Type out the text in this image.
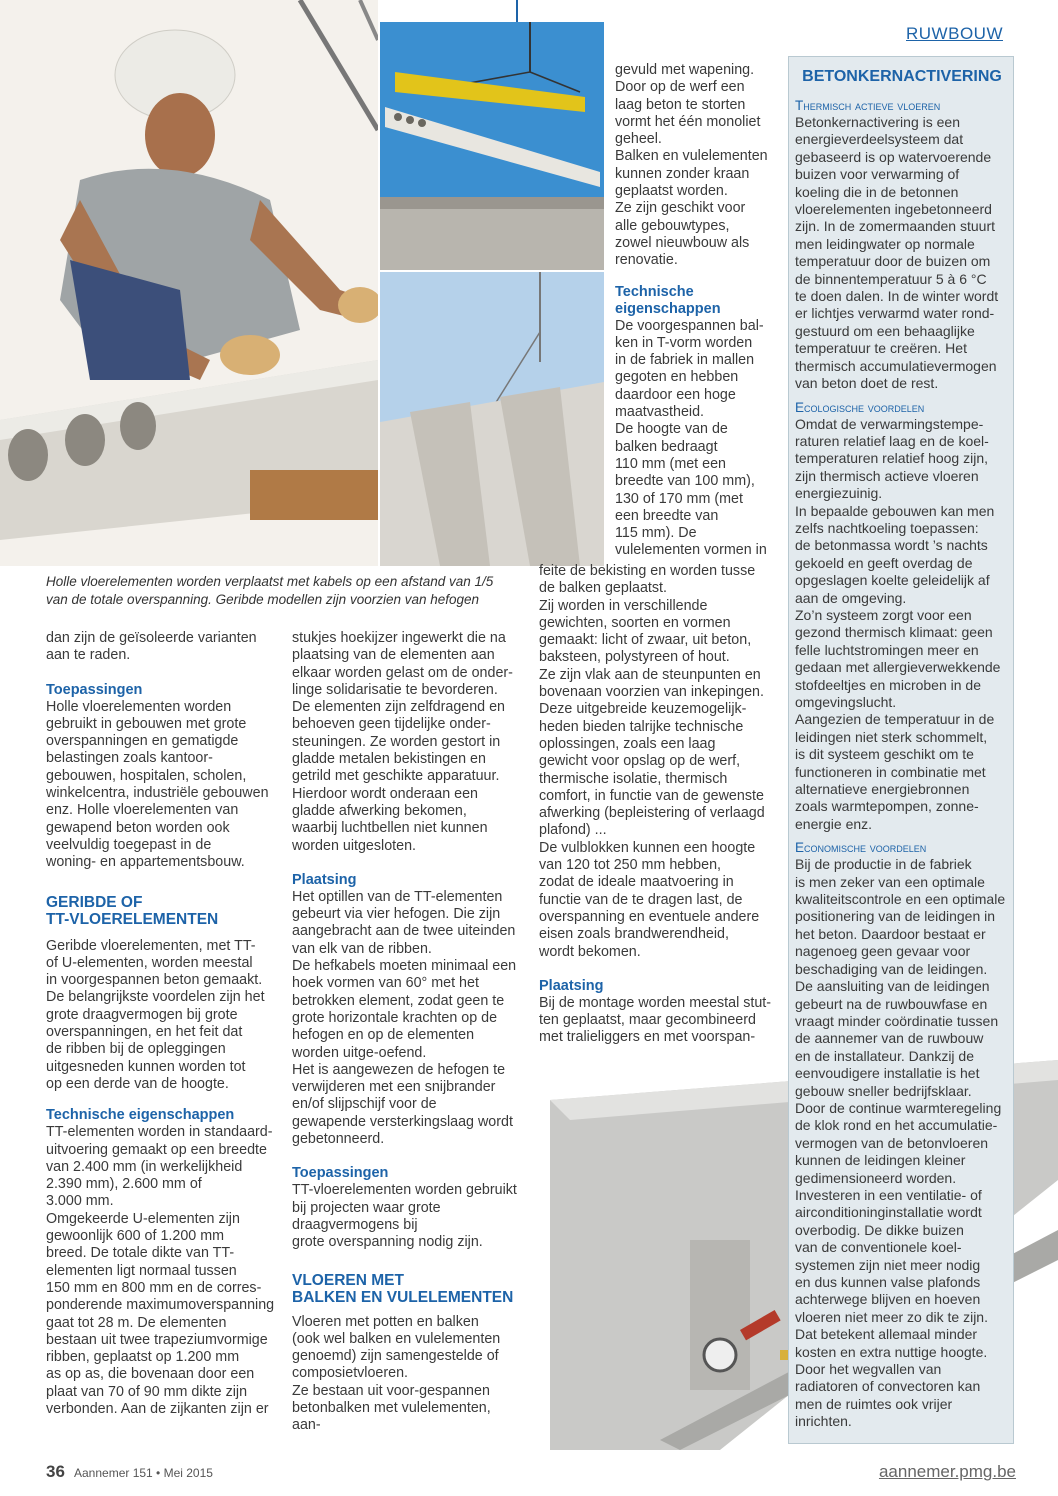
RUWBOUW
Holle vloerelementen worden verplaatst met kabels op een afstand van 1/5
van de totale overspanning. Geribde modellen zijn voorzien van hefogen

dan zijn de geïsoleerde varianten
aan te raden.

Toepassingen

Holle vloerelementen worden
gebruikt in gebouwen met grote
overspanningen en gematigde
belastingen zoals kantoor-
gebouwen, hospitalen, scholen,
winkelcentra, industriële gebouwen
enz. Holle vloerelementen van
gewapend beton worden ook
veelvuldig toegepast in de
woning- en appartementsbouw.

GERIBDE OF
TT-VLOERELEMENTEN

Geribde vloerelementen, met TT-
of U-elementen, worden meestal
in voorgespannen beton gemaakt.
De belangrijkste voordelen zijn het
grote draagvermogen bij grote
overspanningen, en het feit dat
de ribben bij de opleggingen
uitgesneden kunnen worden tot
op een derde van de hoogte.

Technische eigenschappen

TT-elementen worden in standaard-
uitvoering gemaakt op een breedte
van 2.400 mm (in werkelijkheid
2.390 mm), 2.600 mm of
3.000 mm.
Omgekeerde U-elementen zijn
gewoonlijk 600 of 1.200 mm
breed. De totale dikte van TT-
elementen ligt normaal tussen
150 mm en 800 mm en de corres-
ponderende maximumoverspanning
gaat tot 28 m. De elementen
bestaan uit twee trapeziumvormige
ribben, geplaatst op 1.200 mm
as op as, die bovenaan door een
plaat van 70 of 90 mm dikte zijn
verbonden. Aan de zijkanten zijn er

stukjes hoekijzer ingewerkt die na
plaatsing van de elementen aan
elkaar worden gelast om de onder-
linge solidarisatie te bevorderen.
De elementen zijn zelfdragend en
behoeven geen tijdelijke onder-
steuningen. Ze worden gestort in
gladde metalen bekistingen en
getrild met geschikte apparatuur.
Hierdoor wordt onderaan een
gladde afwerking bekomen,
waarbij luchtbellen niet kunnen
worden uitgesloten.

Plaatsing

Het optillen van de TT-elementen
gebeurt via vier hefogen. Die zijn
aangebracht aan de twee uiteinden
van elk van de ribben.
De hefkabels moeten minimaal een
hoek vormen van 60° met het
betrokken element, zodat geen te
grote horizontale krachten op de
hefogen en op de elementen
worden uitge-oefend.
Het is aangewezen de hefogen te
verwijderen met een snijbrander
en/of slijpschijf voor de
gewapende versterkingslaag wordt
gebetonneerd.

Toepassingen

TT-vloerelementen worden gebruikt
bij projecten waar grote
draagvermogens bij
grote overspanning nodig zijn.

VLOEREN MET
BALKEN EN VULELEMENTEN

Vloeren met potten en balken
(ook wel balken en vulelementen
genoemd) zijn samengestelde of
composietvloeren.
Ze bestaan uit voor-gespannen
betonbalken met vulelementen, aan-

gevuld met wapening.
Door op de werf een
laag beton te storten
vormt het één monoliet
geheel.
Balken en vulelementen
kunnen zonder kraan
geplaatst worden.
Ze zijn geschikt voor
alle gebouwtypes,
zowel nieuwbouw als
renovatie.

Technische
eigenschappen

De voorgespannen bal-
ken in T-vorm worden
in de fabriek in mallen
gegoten en hebben
daardoor een hoge
maatvastheid.
De hoogte van de
balken bedraagt
110 mm (met een
breedte van 100 mm),
130 of 170 mm (met
een breedte van
115 mm). De
vulelementen vormen in

feite de bekisting en worden tusse
de balken geplaatst.
Zij worden in verschillende
gewichten, soorten en vormen
gemaakt: licht of zwaar, uit beton,
baksteen, polystyreen of hout.
Ze zijn vlak aan de steunpunten en
bovenaan voorzien van inkepingen.
Deze uitgebreide keuzemogelijk-
heden bieden talrijke technische
oplossingen, zoals een laag
gewicht voor opslag op de werf,
thermische isolatie, thermisch
comfort, in functie van de gewenste
afwerking (bepleistering of verlaagd
plafond) ...
De vulblokken kunnen een hoogte
van 120 tot 250 mm hebben,
zodat de ideale maatvoering in
functie van de te dragen last, de
overspanning en eventuele andere
eisen zoals brandwerendheid,
wordt bekomen.

Plaatsing

Bij de montage worden meestal stut-
ten geplaatst, maar gecombineerd
met tralieliggers en met voorspan-

BETONKERNACTIVERING

Thermisch actieve vloeren

Betonkernactivering is een
energieverdeelsysteem dat
gebaseerd is op watervoerende
buizen voor verwarming of
koeling die in de betonnen
vloerelementen ingebetonneerd
zijn. In de zomermaanden stuurt
men leidingwater op normale
temperatuur door de buizen om
de binnentemperatuur 5 à 6 °C
te doen dalen. In de winter wordt
er lichtjes verwarmd water rond-
gestuurd om een behaaglijke
temperatuur te creëren. Het
thermisch accumulatievermogen
van beton doet de rest.

Ecologische voordelen

Omdat de verwarmingstempe-
raturen relatief laag en de koel-
temperaturen relatief hoog zijn,
zijn thermisch actieve vloeren
energiezuinig.
In bepaalde gebouwen kan men
zelfs nachtkoeling toepassen:
de betonmassa wordt ’s nachts
gekoeld en geeft overdag de
opgeslagen koelte geleidelijk af
aan de omgeving.
Zo’n systeem zorgt voor een
gezond thermisch klimaat: geen
felle luchtstromingen meer en
gedaan met allergieverwekkende
stofdeeltjes en microben in de
omgevingslucht.
Aangezien de temperatuur in de
leidingen niet sterk schommelt,
is dit systeem geschikt om te
functioneren in combinatie met
alternatieve energiebronnen
zoals warmtepompen, zonne-
energie enz.

Economische voordelen

Bij de productie in de fabriek
is men zeker van een optimale
kwaliteitscontrole en een optimale
positionering van de leidingen in
het beton. Daardoor bestaat er
nagenoeg geen gevaar voor
beschadiging van de leidingen.
De aansluiting van de leidingen
gebeurt na de ruwbouwfase en
vraagt minder coördinatie tussen
de aannemer van de ruwbouw
en de installateur. Dankzij de
eenvoudigere installatie is het
gebouw sneller bedrijfsklaar.
Door de continue warmteregeling
de klok rond en het accumulatie-
vermogen van de betonvloeren
kunnen de leidingen kleiner
gedimensioneerd worden.
Investeren in een ventilatie- of
airconditioninginstallatie wordt
overbodig. De dikke buizen
van de conventionele koel-
systemen zijn niet meer nodig
en dus kunnen valse plafonds
achterwege blijven en hoeven
vloeren niet meer zo dik te zijn.
Dat betekent allemaal minder
kosten en extra nuttige hoogte.
Door het wegvallen van
radiatoren of convectoren kan
men de ruimtes ook vrijer
inrichten.

36 Aannemer 151 • Mei 2015	aannemer.pmg.be
